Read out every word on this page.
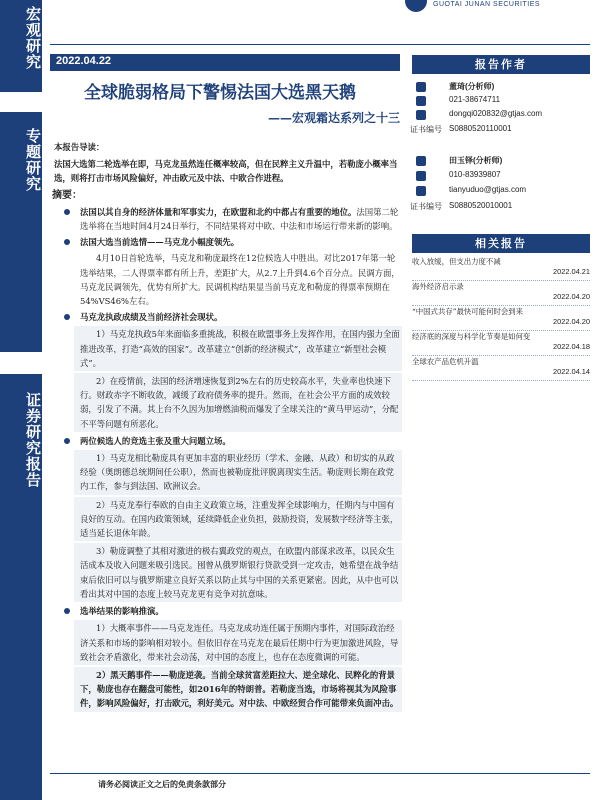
宏观研究
专题研究
证券研究报告
GUOTAI JUNAN SECURITIES
2022.04.22
全球脆弱格局下警惕法国大选黑天鹅
——宏观霜达系列之十三
本报告导读：
法国大选第二轮选举在即，马克龙虽然连任概率较高，但在民粹主义升温中，若勒庞小概率当选，则将打击市场风险偏好，冲击欧元及中法、中欧合作进程。
摘要：
法国以其自身的经济体量和军事实力，在欧盟和北约中都占有重要的地位。法国第二轮选举将在当地时间4月24日举行，不同结果将对中欧、中法和市场运行带来新的影响。
法国大选当前选情——马克龙小幅度领先。
4月10日首轮选举，马克龙和勒庞最终在12位候选人中胜出。对比2017年第一轮选举结果，二人得票率都有所上升，差距扩大，从2.7上升到4.6个百分点。民调方面，马克龙民调领先，优势有所扩大。民调机构结果显当前马克龙和勒庞的得票率预期在54%VS46%左右。
马克龙执政成绩及当前经济社会现状。

1）马克龙执政5年来面临多重挑战，积极在欧盟事务上发挥作用，在国内强力全面推进改革，打造“高效的国家”。改革建立“创新的经济模式”，改革建立“新型社会模式”。

2）在疫情前，法国的经济增速恢复到2%左右的历史较高水平，失业率也快速下行。财政赤字不断收敛，减缓了政府债务率的提升。然而，在社会公平方面的成效较弱，引发了不满。其上台不久因为加增燃油税而爆发了全球关注的“黄马甲运动”，分配不平等问题有所恶化。

两位候选人的竞选主张及重大问题立场。

1）马克龙相比勒庞具有更加丰富的职业经历（学术、金融、从政）和切实的从政经验（奥朗德总统期间任公职），然而也被勒庞批评脱离现实生活。勒庞则长期在政党内工作，参与到法国、欧洲议会。

2）马克龙奉行奉欧的自由主义政策立场，注重发挥全球影响力，任期内与中国有良好的互动。在国内政策领域，延续降低企业负担，鼓励投资，发展数字经济等主张，适当延长退休年龄。

3）勒庞调整了其相对激进的极右翼政党的观点，在欧盟内部谋求改革，以民众生活成本及收入问题来吸引选民。囤曾从俄罗斯银行贷款受到一定攻击，她希望在战争结束后依旧可以与俄罗斯建立良好关系以防止其与中国的关系更紧密。因此，从中也可以看出其对中国的态度上较马克龙更有竞争对抗意味。

选举结果的影响推演。

1）大概率事件——马克龙连任。马克龙成功连任属于预期内事件，对国际政治经济关系和市场的影响相对较小。但依旧存在马克龙在最后任期中行为更加激进风险，导致社会矛盾激化，带来社会动荡，对中国的态度上，也存在态度微调的可能。

2）黑天鹅事件——勒庞逆袭。当前全球贫富差距拉大、逆全球化、民粹化的背景下，勒庞也存在翻盘可能性，如2016年的特朗普。若勒庞当选，市场将视其为风险事件，影响风险偏好，打击欧元，利好美元。对中法、中欧经贸合作可能带来负面冲击。

报告作者
董琦(分析师)
021-38674711
dongqi020832@gtjas.com
证书编号 S0880520110001
田玉铎(分析师)
010-83939807
tianyuduo@gtjas.com
证书编号 S0880520010001
相关报告
收入放缓，但支出力度不减
2022.04.21
海外经济启示录
2022.04.20
“中国式共存”最快可能何时会到来
2022.04.20
经济底的深度与科学化节奏是如何变
2022.04.18
全球农产品危机升温
2022.04.14
请务必阅读正文之后的免责条款部分
